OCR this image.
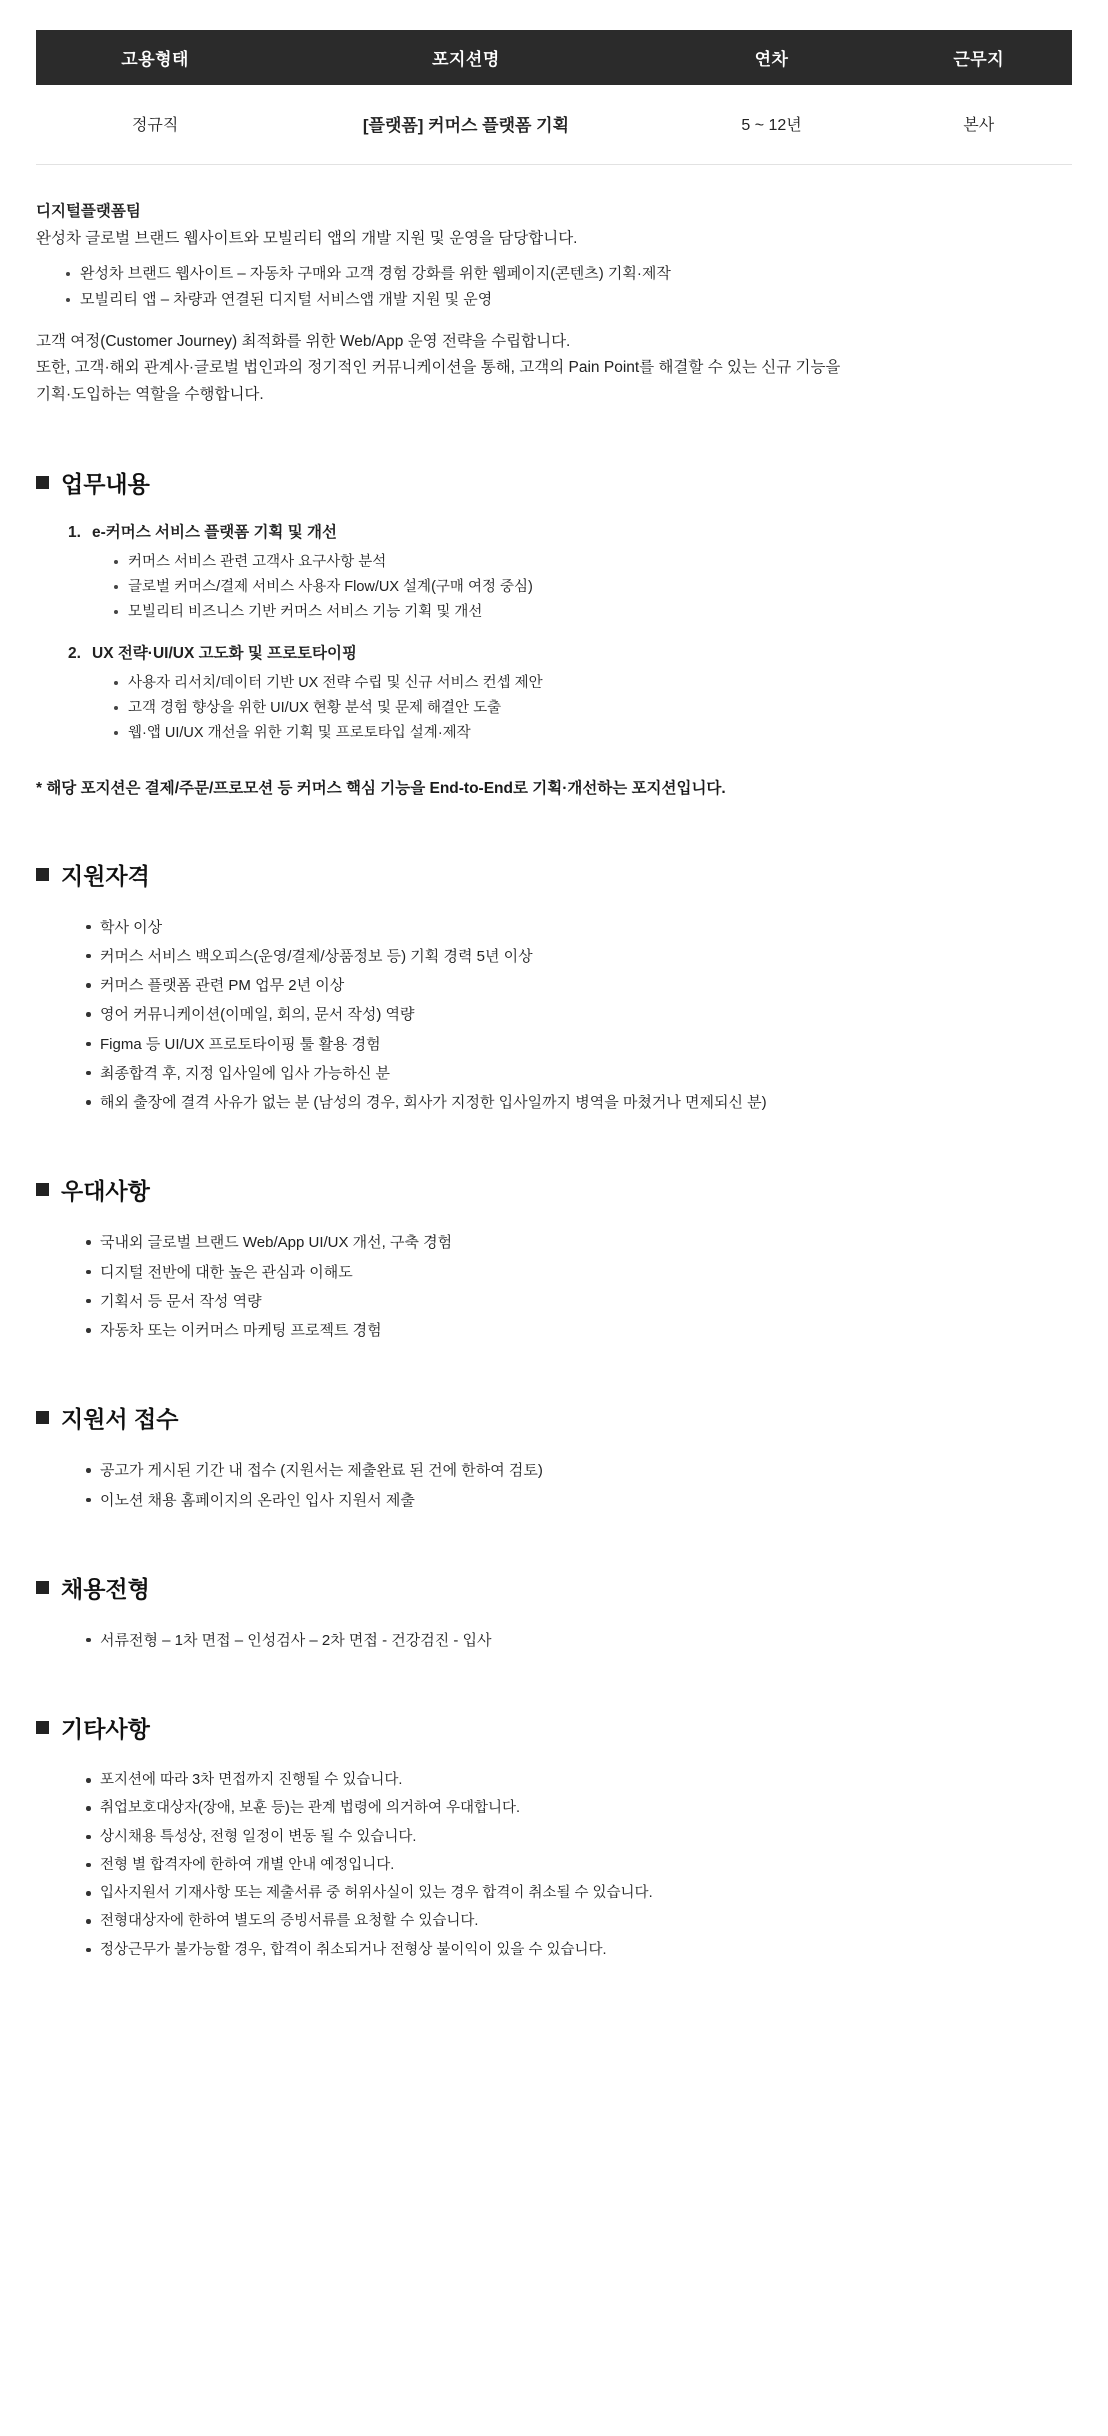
고용형태	포지션명	연차	근무지
정규직	[플랫폼] 커머스 플랫폼 기획	5 ~ 12년	본사

디지털플랫폼팀

완성차 글로벌 브랜드 웹사이트와 모빌리티 앱의 개발 지원 및 운영을 담당합니다.

완성차 브랜드 웹사이트 – 자동차 구매와 고객 경험 강화를 위한 웹페이지(콘텐츠) 기획·제작
모빌리티 앱 – 차량과 연결된 디지털 서비스앱 개발 지원 및 운영

고객 여정(Customer Journey) 최적화를 위한 Web/App 운영 전략을 수립합니다.

또한, 고객·해외 관계사·글로벌 법인과의 정기적인 커뮤니케이션을 통해, 고객의 Pain Point를 해결할 수 있는 신규 기능을

기획·도입하는 역할을 수행합니다.

업무내용
e-커머스 서비스 플랫폼 기획 및 개선
커머스 서비스 관련 고객사 요구사항 분석
글로벌 커머스/결제 서비스 사용자 Flow/UX 설계(구매 여정 중심)
모빌리티 비즈니스 기반 커머스 서비스 기능 기획 및 개선
UX 전략·UI/UX 고도화 및 프로토타이핑
사용자 리서치/데이터 기반 UX 전략 수립 및 신규 서비스 컨셉 제안
고객 경험 향상을 위한 UI/UX 현황 분석 및 문제 해결안 도출
웹·앱 UI/UX 개선을 위한 기획 및 프로토타입 설계·제작

* 해당 포지션은 결제/주문/프로모션 등 커머스 핵심 기능을 End-to-End로 기획·개선하는 포지션입니다.

지원자격
학사 이상
커머스 서비스 백오피스(운영/결제/상품정보 등) 기획 경력 5년 이상
커머스 플랫폼 관련 PM 업무 2년 이상
영어 커뮤니케이션(이메일, 회의, 문서 작성) 역량
Figma 등 UI/UX 프로토타이핑 툴 활용 경험
최종합격 후, 지정 입사일에 입사 가능하신 분
해외 출장에 결격 사유가 없는 분 (남성의 경우, 회사가 지정한 입사일까지 병역을 마쳤거나 면제되신 분)
우대사항
국내외 글로벌 브랜드 Web/App UI/UX 개선, 구축 경험
디지털 전반에 대한 높은 관심과 이해도
기획서 등 문서 작성 역량
자동차 또는 이커머스 마케팅 프로젝트 경험
지원서 접수
공고가 게시된 기간 내 접수 (지원서는 제출완료 된 건에 한하여 검토)
이노션 채용 홈페이지의 온라인 입사 지원서 제출
채용전형
서류전형 – 1차 면접 – 인성검사 – 2차 면접 - 건강검진 - 입사
기타사항
포지션에 따라 3차 면접까지 진행될 수 있습니다.
취업보호대상자(장애, 보훈 등)는 관계 법령에 의거하여 우대합니다.
상시채용 특성상, 전형 일정이 변동 될 수 있습니다.
전형 별 합격자에 한하여 개별 안내 예정입니다.
입사지원서 기재사항 또는 제출서류 중 허위사실이 있는 경우 합격이 취소될 수 있습니다.
전형대상자에 한하여 별도의 증빙서류를 요청할 수 있습니다.
정상근무가 불가능할 경우, 합격이 취소되거나 전형상 불이익이 있을 수 있습니다.
